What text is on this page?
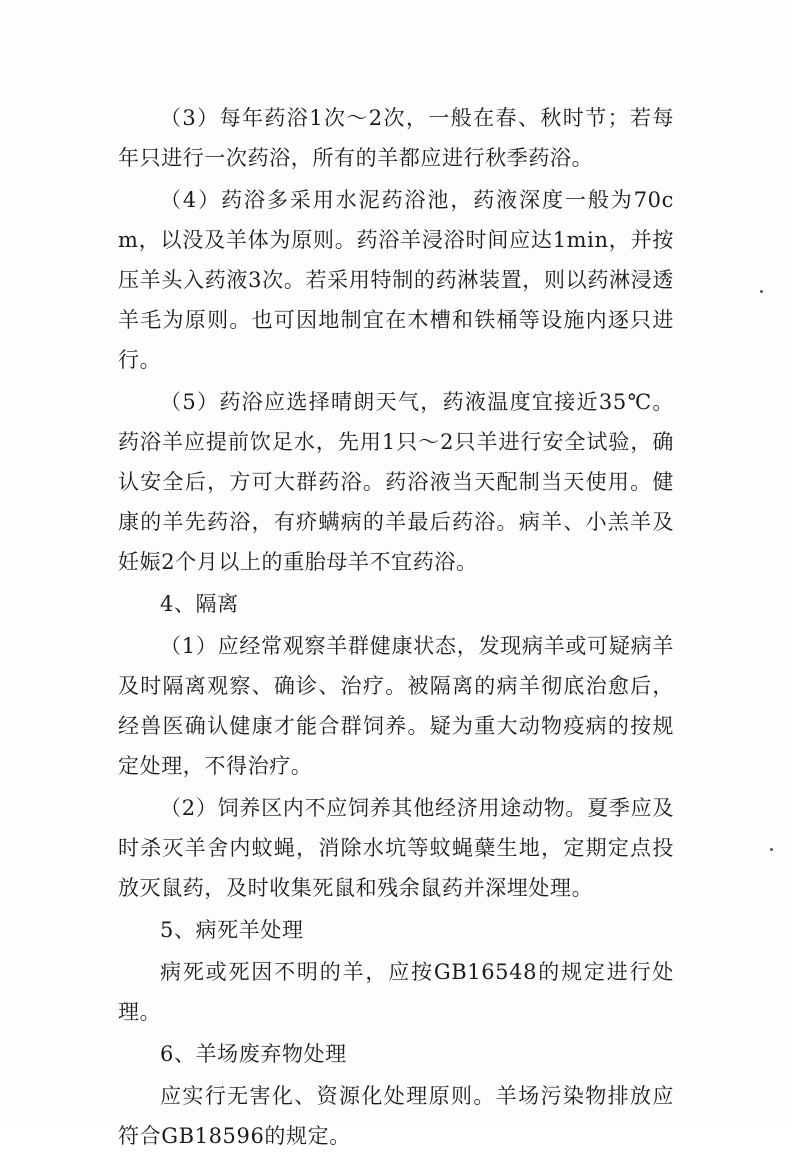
（3）每年药浴1次～2次，一般在春、秋时节；若每年只进行一次药浴，所有的羊都应进行秋季药浴。

（4）药浴多采用水泥药浴池，药液深度一般为70cm，以没及羊体为原则。药浴羊浸浴时间应达1min，并按压羊头入药液3次。若采用特制的药淋装置，则以药淋浸透羊毛为原则。也可因地制宜在木槽和铁桶等设施内逐只进行。

（5）药浴应选择晴朗天气，药液温度宜接近35℃。药浴羊应提前饮足水，先用1只～2只羊进行安全试验，确认安全后，方可大群药浴。药浴液当天配制当天使用。健康的羊先药浴，有疥螨病的羊最后药浴。病羊、小羔羊及妊娠2个月以上的重胎母羊不宜药浴。

4、隔离

（1）应经常观察羊群健康状态，发现病羊或可疑病羊及时隔离观察、确诊、治疗。被隔离的病羊彻底治愈后，经兽医确认健康才能合群饲养。疑为重大动物疫病的按规定处理，不得治疗。

（2）饲养区内不应饲养其他经济用途动物。夏季应及时杀灭羊舍内蚊蝇，消除水坑等蚊蝇蘖生地，定期定点投放灭鼠药，及时收集死鼠和残余鼠药并深埋处理。

5、病死羊处理

病死或死因不明的羊，应按GB16548的规定进行处理。

6、羊场废弃物处理

应实行无害化、资源化处理原则。羊场污染物排放应符合GB18596的规定。
